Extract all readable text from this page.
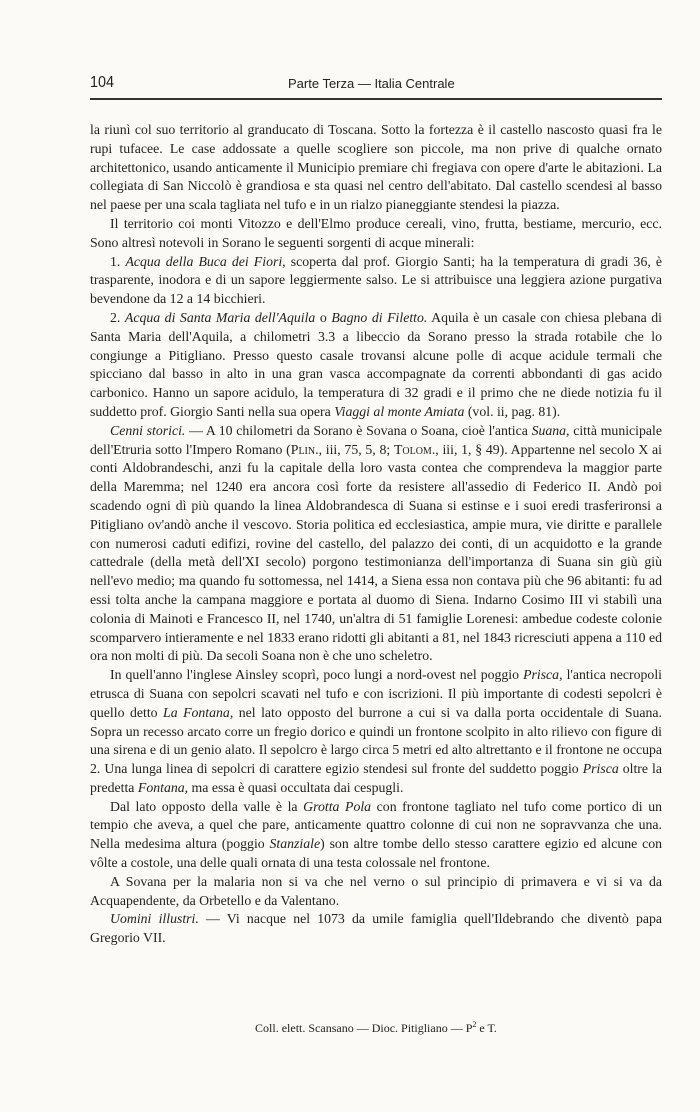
104	Parte Terza — Italia Centrale

la riunì col suo territorio al granducato di Toscana. Sotto la fortezza è il castello nascosto quasi fra le rupi tufacee. Le case addossate a quelle scogliere son piccole, ma non prive di qualche ornato architettonico, usando anticamente il Municipio premiare chi fregiava con opere d'arte le abitazioni. La collegiata di San Niccolò è grandiosa e sta quasi nel centro dell'abitato. Dal castello scendesi al basso nel paese per una scala tagliata nel tufo e in un rialzo pianeggiante stendesi la piazza.

Il territorio coi monti Vitozzo e dell'Elmo produce cereali, vino, frutta, bestiame, mercurio, ecc. Sono altresì notevoli in Sorano le seguenti sorgenti di acque minerali:

1. Acqua della Buca dei Fiori, scoperta dal prof. Giorgio Santi; ha la temperatura di gradi 36, è trasparente, inodora e di un sapore leggiermente salso. Le si attribuisce una leggiera azione purgativa bevendone da 12 a 14 bicchieri.

2. Acqua di Santa Maria dell'Aquila o Bagno di Filetto. Aquila è un casale con chiesa plebana di Santa Maria dell'Aquila, a chilometri 3.3 a libeccio da Sorano presso la strada rotabile che lo congiunge a Pitigliano. Presso questo casale trovansi alcune polle di acque acidule termali che spicciano dal basso in alto in una gran vasca accompagnate da correnti abbondanti di gas acido carbonico. Hanno un sapore acidulo, la temperatura di 32 gradi e il primo che ne diede notizia fu il suddetto prof. Giorgio Santi nella sua opera Viaggi al monte Amiata (vol. ii, pag. 81).

Cenni storici. — A 10 chilometri da Sorano è Sovana o Soana, cioè l'antica Suana, città municipale dell'Etruria sotto l'Impero Romano (Plin., iii, 75, 5, 8; Tolom., iii, 1, § 49). Appartenne nel secolo X ai conti Aldobrandeschi, anzi fu la capitale della loro vasta contea che comprendeva la maggior parte della Maremma; nel 1240 era ancora così forte da resistere all'assedio di Federico II. Andò poi scadendo ogni dì più quando la linea Aldobrandesca di Suana si estinse e i suoi eredi trasferironsi a Pitigliano ov'andò anche il vescovo. Storia politica ed ecclesiastica, ampie mura, vie diritte e parallele con numerosi caduti edifizi, rovine del castello, del palazzo dei conti, di un acquidotto e la grande cattedrale (della metà dell'XI secolo) porgono testimonianza dell'importanza di Suana sin giù giù nell'evo medio; ma quando fu sottomessa, nel 1414, a Siena essa non contava più che 96 abitanti: fu ad essi tolta anche la campana maggiore e portata al duomo di Siena. Indarno Cosimo III vi stabilì una colonia di Mainoti e Francesco II, nel 1740, un'altra di 51 famiglie Lorenesi: ambedue codeste colonie scomparvero intieramente e nel 1833 erano ridotti gli abitanti a 81, nel 1843 ricresciuti appena a 110 ed ora non molti di più. Da secoli Soana non è che uno scheletro.

In quell'anno l'inglese Ainsley scoprì, poco lungi a nord-ovest nel poggio Prisca, l'antica necropoli etrusca di Suana con sepolcri scavati nel tufo e con iscrizioni. Il più importante di codesti sepolcri è quello detto La Fontana, nel lato opposto del burrone a cui si va dalla porta occidentale di Suana. Sopra un recesso arcato corre un fregio dorico e quindi un frontone scolpito in alto rilievo con figure di una sirena e di un genio alato. Il sepolcro è largo circa 5 metri ed alto altrettanto e il frontone ne occupa 2. Una lunga linea di sepolcri di carattere egizio stendesi sul fronte del suddetto poggio Prisca oltre la predetta Fontana, ma essa è quasi occultata dai cespugli.

Dal lato opposto della valle è la Grotta Pola con frontone tagliato nel tufo come portico di un tempio che aveva, a quel che pare, anticamente quattro colonne di cui non ne sopravvanza che una. Nella medesima altura (poggio Stanziale) son altre tombe dello stesso carattere egizio ed alcune con vôlte a costole, una delle quali ornata di una testa colossale nel frontone.

A Sovana per la malaria non si va che nel verno o sul principio di primavera e vi si va da Acquapendente, da Orbetello e da Valentano.

Uomini illustri. — Vi nacque nel 1073 da umile famiglia quell'Ildebrando che diventò papa Gregorio VII.

Coll. elett. Scansano — Dioc. Pitigliano — $P^2$ e T.
